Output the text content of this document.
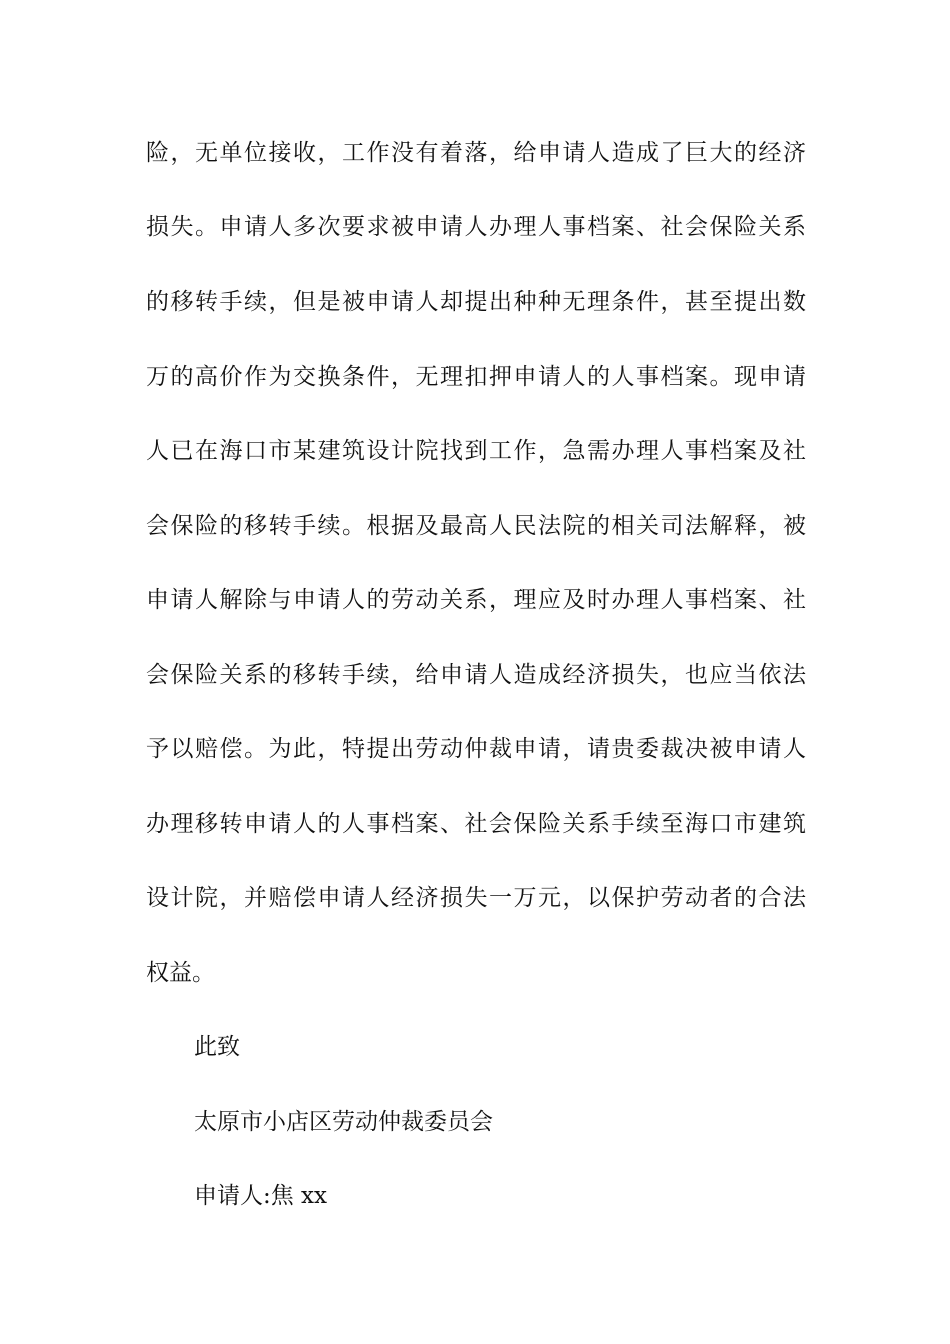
险，无单位接收，工作没有着落，给申请人造成了巨大的经济
损失。申请人多次要求被申请人办理人事档案、社会保险关系
的移转手续，但是被申请人却提出种种无理条件，甚至提出数
万的高价作为交换条件，无理扣押申请人的人事档案。现申请
人已在海口市某建筑设计院找到工作，急需办理人事档案及社
会保险的移转手续。根据及最高人民法院的相关司法解释，被
申请人解除与申请人的劳动关系，理应及时办理人事档案、社
会保险关系的移转手续，给申请人造成经济损失，也应当依法
予以赔偿。为此，特提出劳动仲裁申请，请贵委裁决被申请人
办理移转申请人的人事档案、社会保险关系手续至海口市建筑
设计院，并赔偿申请人经济损失一万元，以保护劳动者的合法
权益。
此致
太原市小店区劳动仲裁委员会
申请人:焦 xx
